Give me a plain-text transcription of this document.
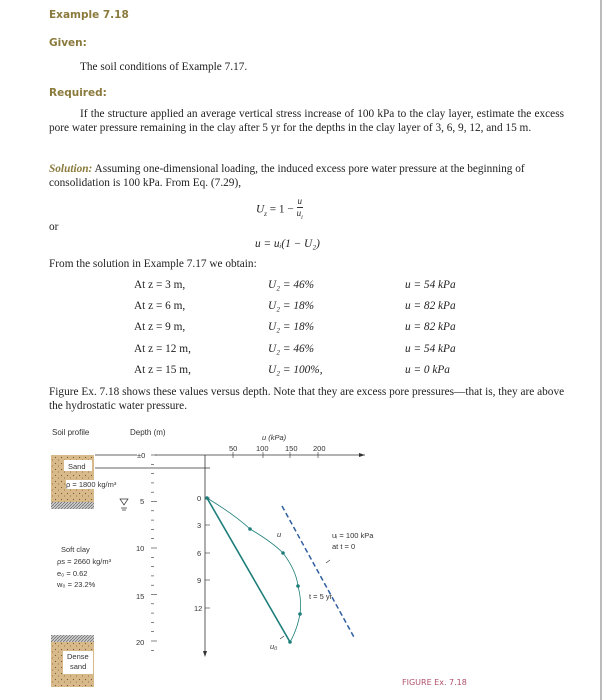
Example 7.18
Given:
The soil conditions of Example 7.17.
Required:
If the structure applied an average vertical stress increase of 100 kPa to the clay layer, estimate the excess pore water pressure remaining in the clay after 5 yr for the depths in the clay layer of 3, 6, 9, 12, and 15 m.
Solution: Assuming one-dimensional loading, the induced excess pore water pressure at the beginning of consolidation is 100 kPa. From Eq. (7.29),
$U_z = 1$ −
u
$u_i$
or
u = uᵢ(1 − U₂)
From the solution in Example 7.17 we obtain:
At z = 3 m,	U₂ = 46%	u = 54 kPa
At z = 6 m,	U₂ = 18%	u = 82 kPa
At z = 9 m,	U₂ = 18%	u = 82 kPa
At z = 12 m,	U₂ = 46%	u = 54 kPa
At z = 15 m,	U₂ = 100%,	u = 0 kPa
Figure Ex. 7.18 shows these values versus depth. Note that they are excess pore pressures—that is, they are above the hydrostatic water pressure.
Soil profile	Depth (m)
u (kPa)
50 100 150 200
±0
5
10
15
20
0
3
6
9
12
Sand
ρ = 1800 kg/m³
Soft clay
ρs = 2660 kg/m³
e₀ = 0.62
w₀ = 23.2%
Dense
sand
u	uᵢ = 100 kPa
at t = 0
t = 5 yr
u₀
FIGURE Ex. 7.18
